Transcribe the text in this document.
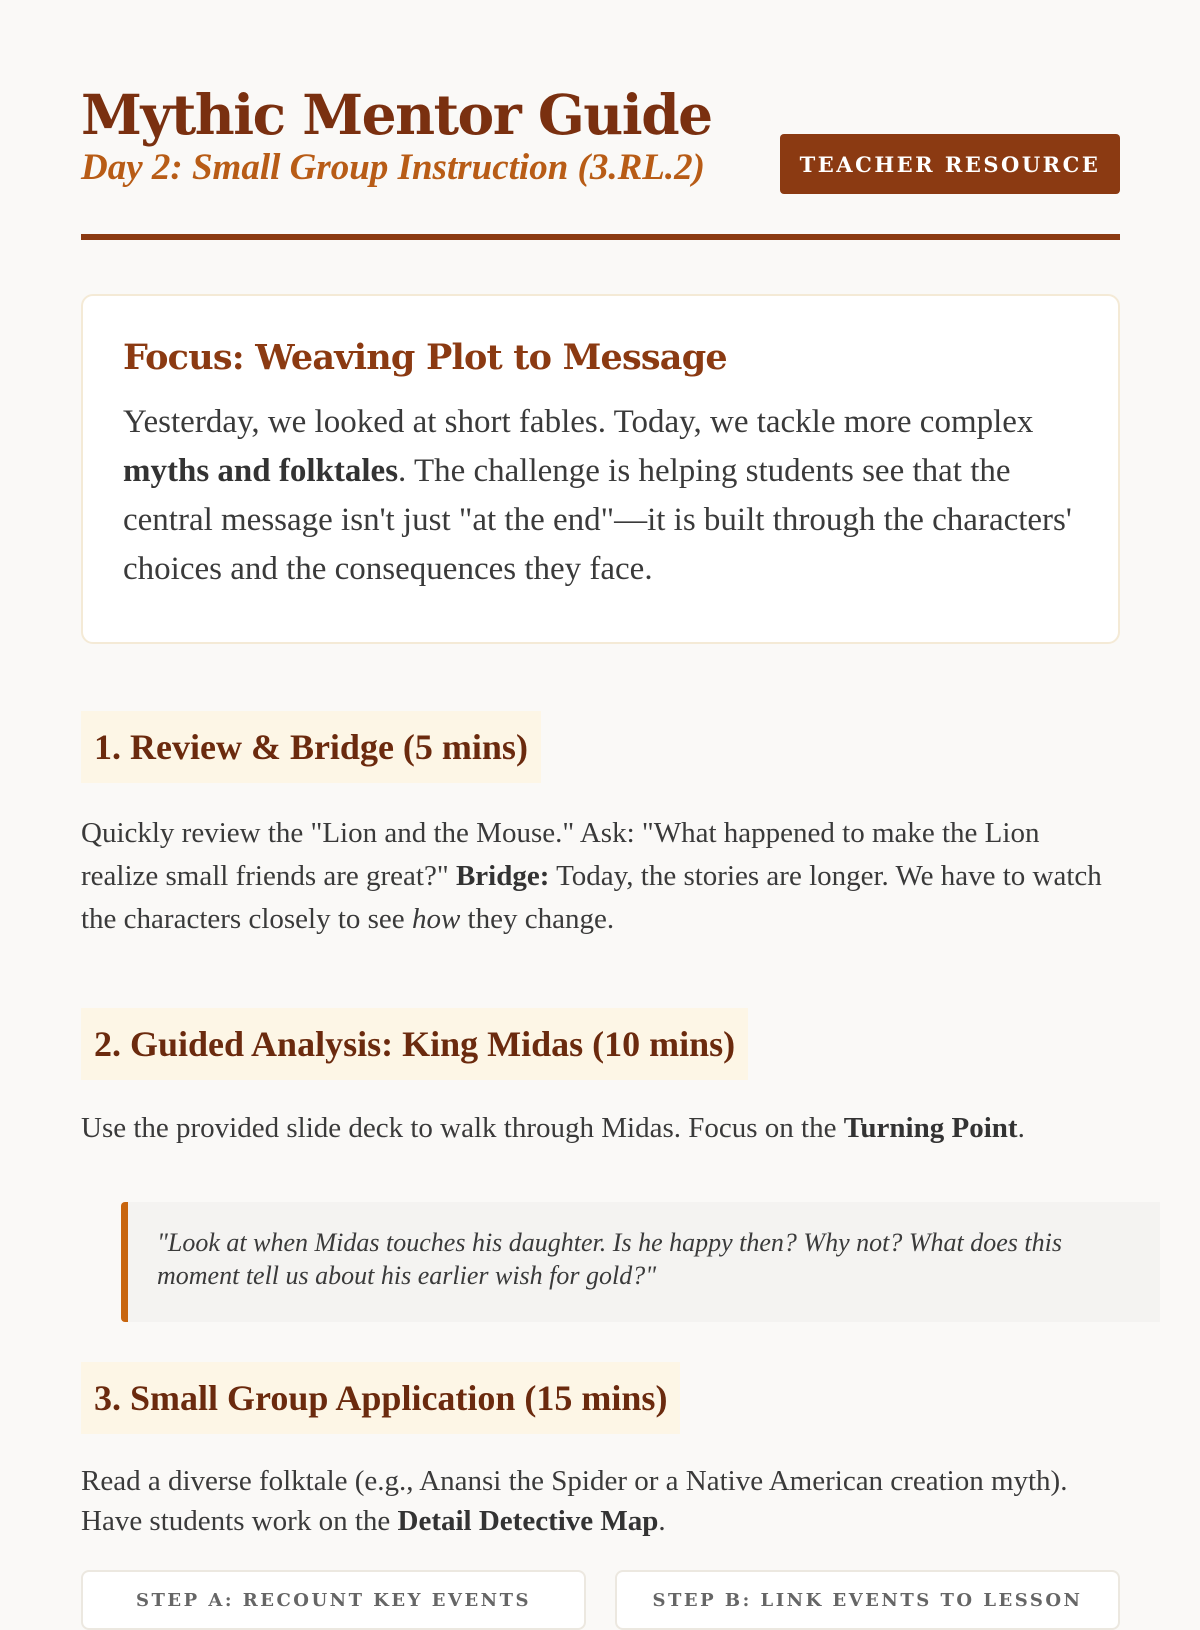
Mythic Mentor Guide
Day 2: Small Group Instruction (3.RL.2)	TEACHER RESOURCE
Focus: Weaving Plot to Message

Yesterday, we looked at short fables. Today, we tackle more complex myths and folktales. The challenge is helping students see that the central message isn't just "at the end"—it is built through the characters' choices and the consequences they face.

1. Review & Bridge (5 mins)

Quickly review the "Lion and the Mouse." Ask: "What happened to make the Lion realize small friends are great?" Bridge: Today, the stories are longer. We have to watch the characters closely to see how they change.

2. Guided Analysis: King Midas (10 mins)

Use the provided slide deck to walk through Midas. Focus on the Turning Point.

"Look at when Midas touches his daughter. Is he happy then? Why not? What does this moment tell us about his earlier wish for gold?"
3. Small Group Application (15 mins)

Read a diverse folktale (e.g., Anansi the Spider or a Native American creation myth). Have students work on the Detail Detective Map.

STEP A: RECOUNT KEY EVENTS	STEP B: LINK EVENTS TO LESSON
